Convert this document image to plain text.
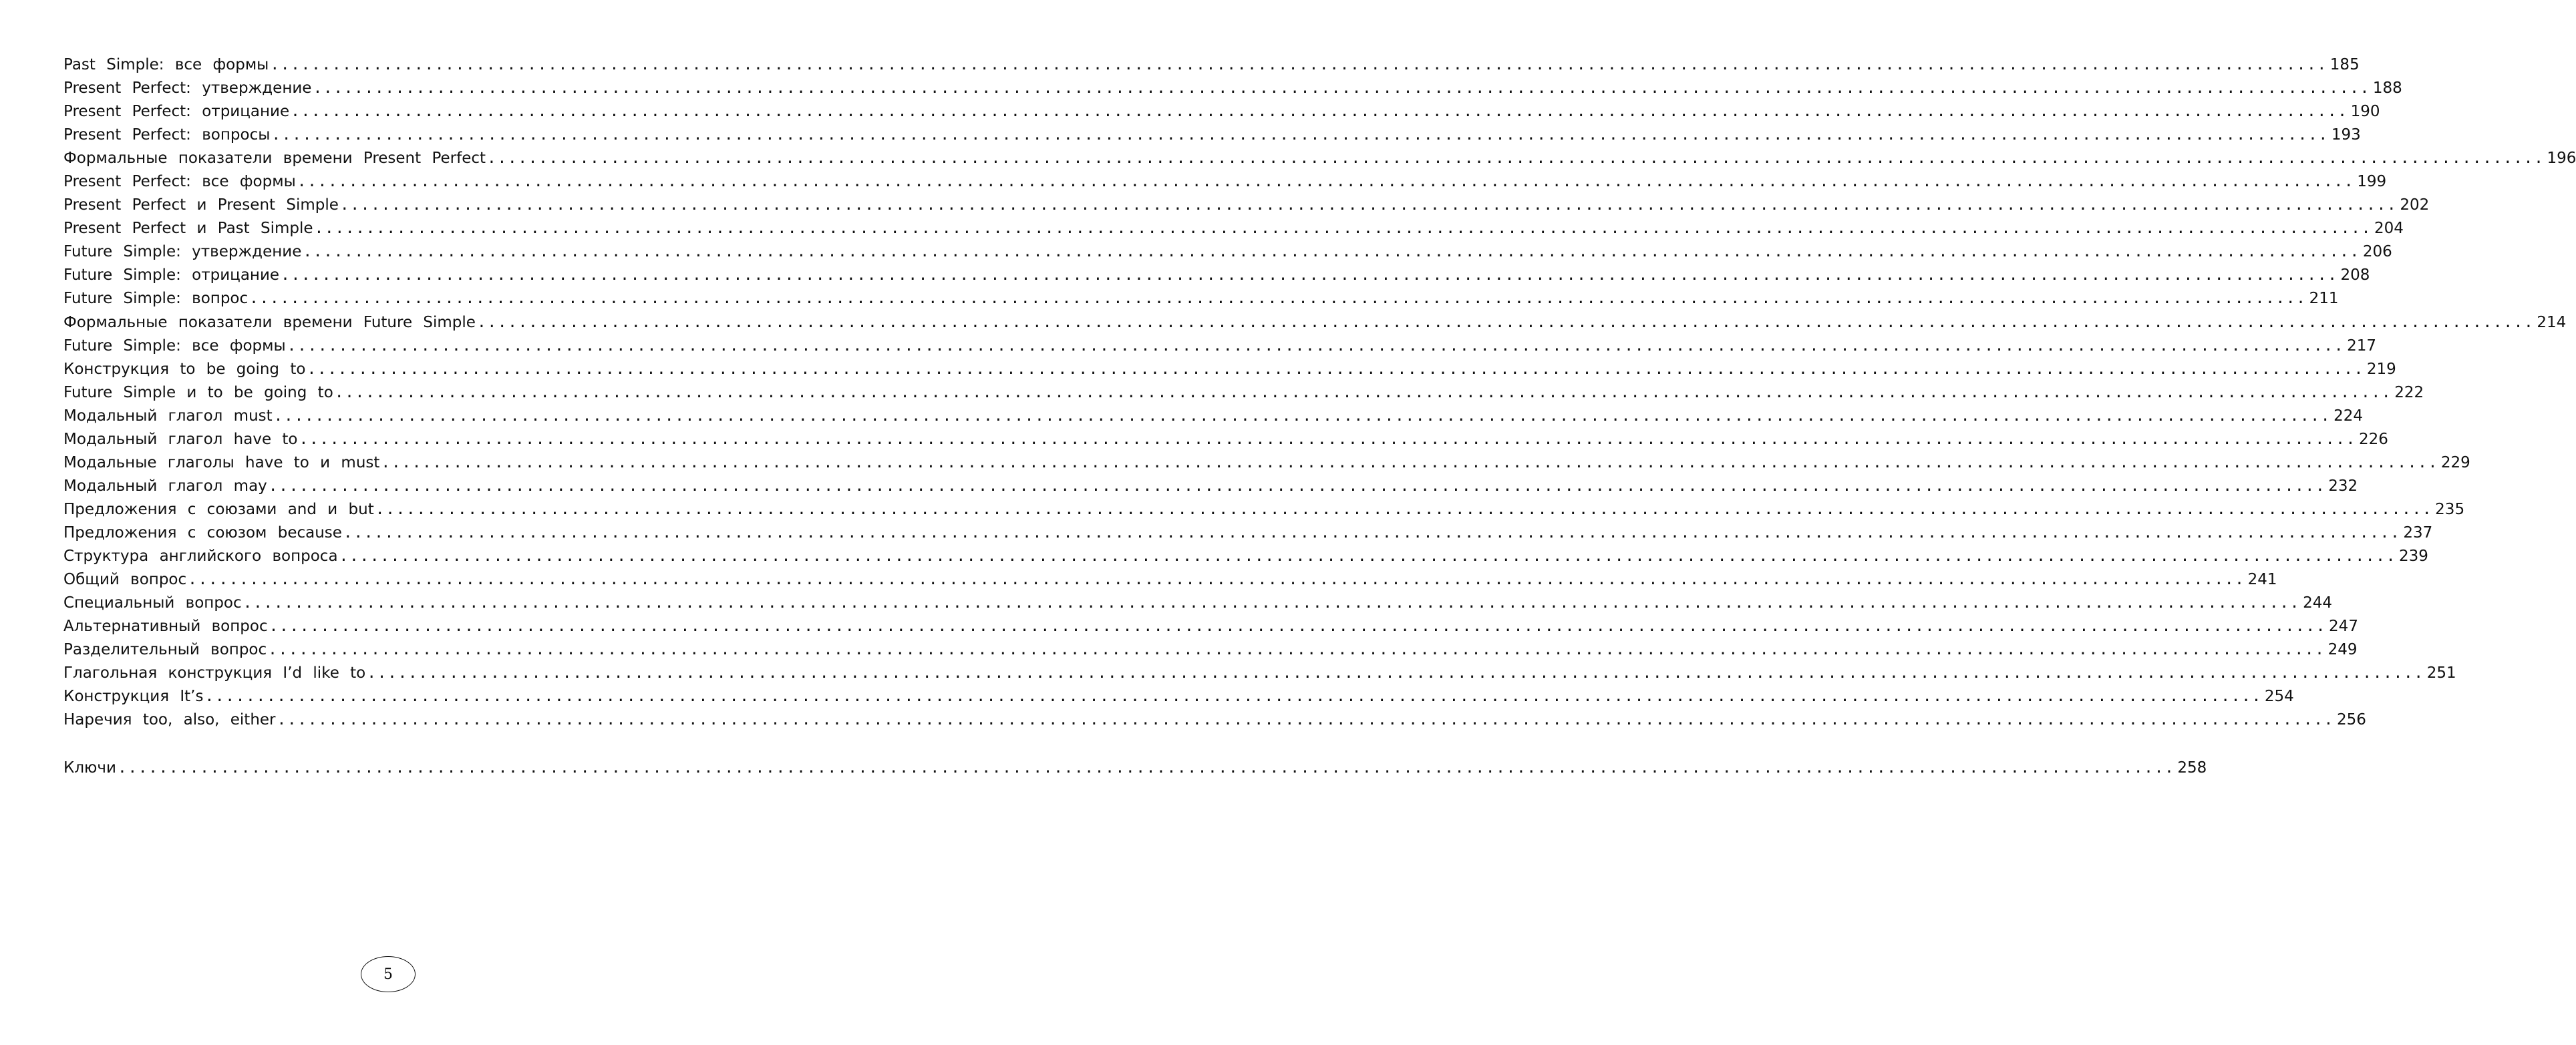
Past Simple: все формы ........................................................................................................................................................................................................ 185
Present Perfect: утверждение ........................................................................................................................................................................................................ 188
Present Perfect: отрицание ........................................................................................................................................................................................................ 190
Present Perfect: вопросы ........................................................................................................................................................................................................ 193
Формальные показатели времени Present Perfect ........................................................................................................................................................................................................ 196
Present Perfect: все формы ........................................................................................................................................................................................................ 199
Present Perfect и Present Simple ........................................................................................................................................................................................................ 202
Present Perfect и Past Simple ........................................................................................................................................................................................................ 204
Future Simple: утверждение ........................................................................................................................................................................................................ 206
Future Simple: отрицание ........................................................................................................................................................................................................ 208
Future Simple: вопрос ........................................................................................................................................................................................................ 211
Формальные показатели времени Future Simple ........................................................................................................................................................................................................ 214
Future Simple: все формы ........................................................................................................................................................................................................ 217
Конструкция to be going to ........................................................................................................................................................................................................ 219
Future Simple и to be going to ........................................................................................................................................................................................................ 222
Модальный глагол must ........................................................................................................................................................................................................ 224
Модальный глагол have to ........................................................................................................................................................................................................ 226
Модальные глаголы have to и must ........................................................................................................................................................................................................ 229
Модальный глагол may ........................................................................................................................................................................................................ 232
Предложения с союзами and и but ........................................................................................................................................................................................................ 235
Предложения с союзом because ........................................................................................................................................................................................................ 237
Структура английского вопроса ........................................................................................................................................................................................................ 239
Общий вопрос ........................................................................................................................................................................................................ 241
Специальный вопрос ........................................................................................................................................................................................................ 244
Альтернативный вопрос ........................................................................................................................................................................................................ 247
Разделительный вопрос ........................................................................................................................................................................................................ 249
Глагольная конструкция I’d like to ........................................................................................................................................................................................................ 251
Конструкция It’s ........................................................................................................................................................................................................ 254
Наречия too, also, either ........................................................................................................................................................................................................ 256
Ключи ........................................................................................................................................................................................................ 258
5
